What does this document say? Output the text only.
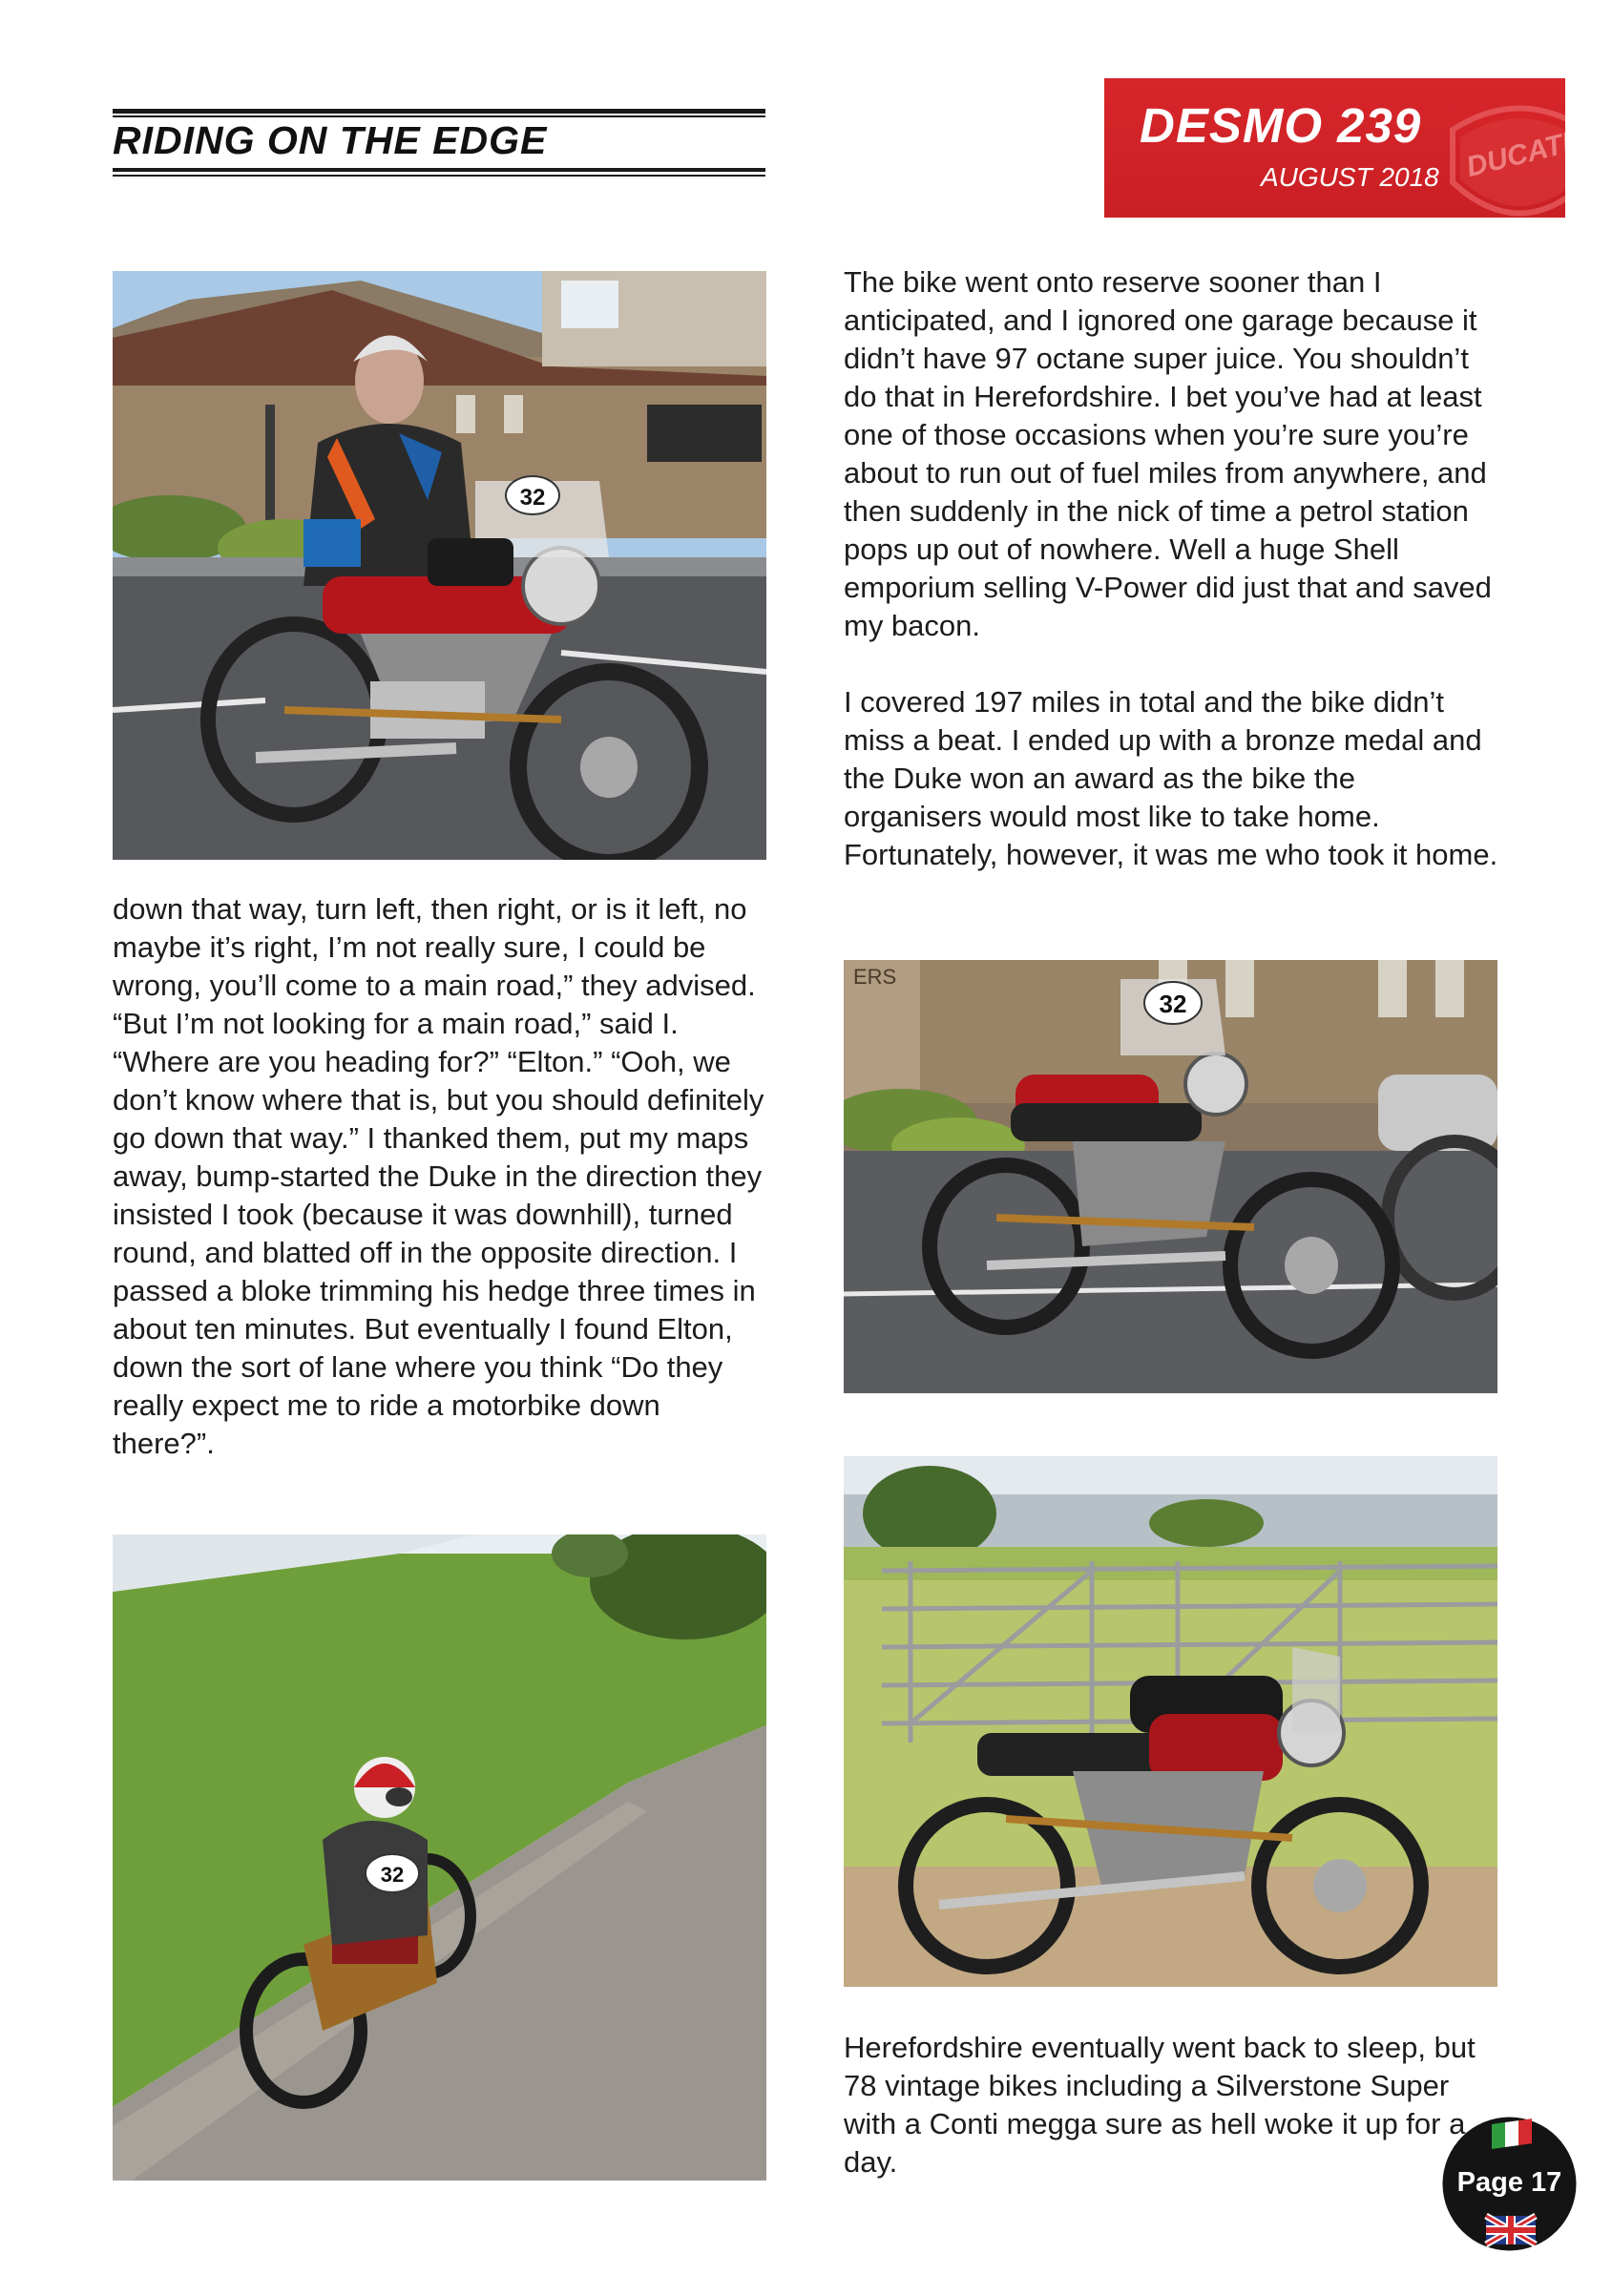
RIDING ON THE EDGE	DUCATI
DESMO 239
AUGUST 2018
32
ERS
32
32

down that way, turn left, then right, or is it left, no maybe it’s right, I’m not really sure, I could be wrong, you’ll come to a main road,” they advised. “But I’m not looking for a main road,” said I. “Where are you heading for?” “Elton.” “Ooh, we don’t know where that is, but you should definitely go down that way.” I thanked them, put my maps away, bump-started the Duke in the direction they insisted I took (because it was downhill), turned round, and blatted off in the opposite direction. I passed a bloke trimming his hedge three times in about ten minutes. But eventually I found Elton, down the sort of lane where you think “Do they really expect me to ride a motorbike down there?”.

The bike went onto reserve sooner than I anticipated, and I ignored one garage because it didn’t have 97 octane super juice. You shouldn’t do that in Herefordshire. I bet you’ve had at least one of those occasions when you’re sure you’re about to run out of fuel miles from anywhere, and then suddenly in the nick of time a petrol station pops up out of nowhere. Well a huge Shell emporium selling V-Power did just that and saved my bacon.

I covered 197 miles in total and the bike didn’t miss a beat. I ended up with a bronze medal and the Duke won an award as the bike the organisers would most like to take home. Fortunately, however, it was me who took it home.

Herefordshire eventually went back to sleep, but 78 vintage bikes including a Silverstone Super with a Conti megga sure as hell woke it up for a day.

Page 17
